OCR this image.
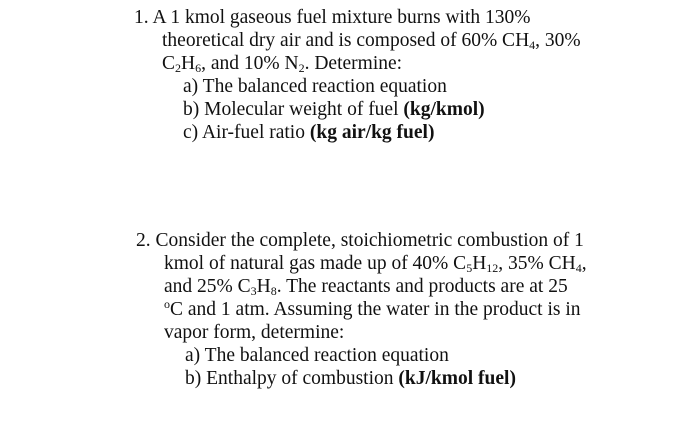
1. A 1 kmol gaseous fuel mixture burns with 130%
theoretical dry air and is composed of 60% $CH_4$, 30%
$C_2H_6$, and 10% $N_2$. Determine:
a) The balanced reaction equation
b) Molecular weight of fuel (kg/kmol)
c) Air-fuel ratio (kg air/kg fuel)
2. Consider the complete, stoichiometric combustion of 1
kmol of natural gas made up of 40% $C_5H_{12}$, 35% $CH_4$,
and 25% $C_3H_8$. The reactants and products are at 25
$^o$C and 1 atm. Assuming the water in the product is in
vapor form, determine:
a) The balanced reaction equation
b) Enthalpy of combustion (kJ/kmol fuel)
